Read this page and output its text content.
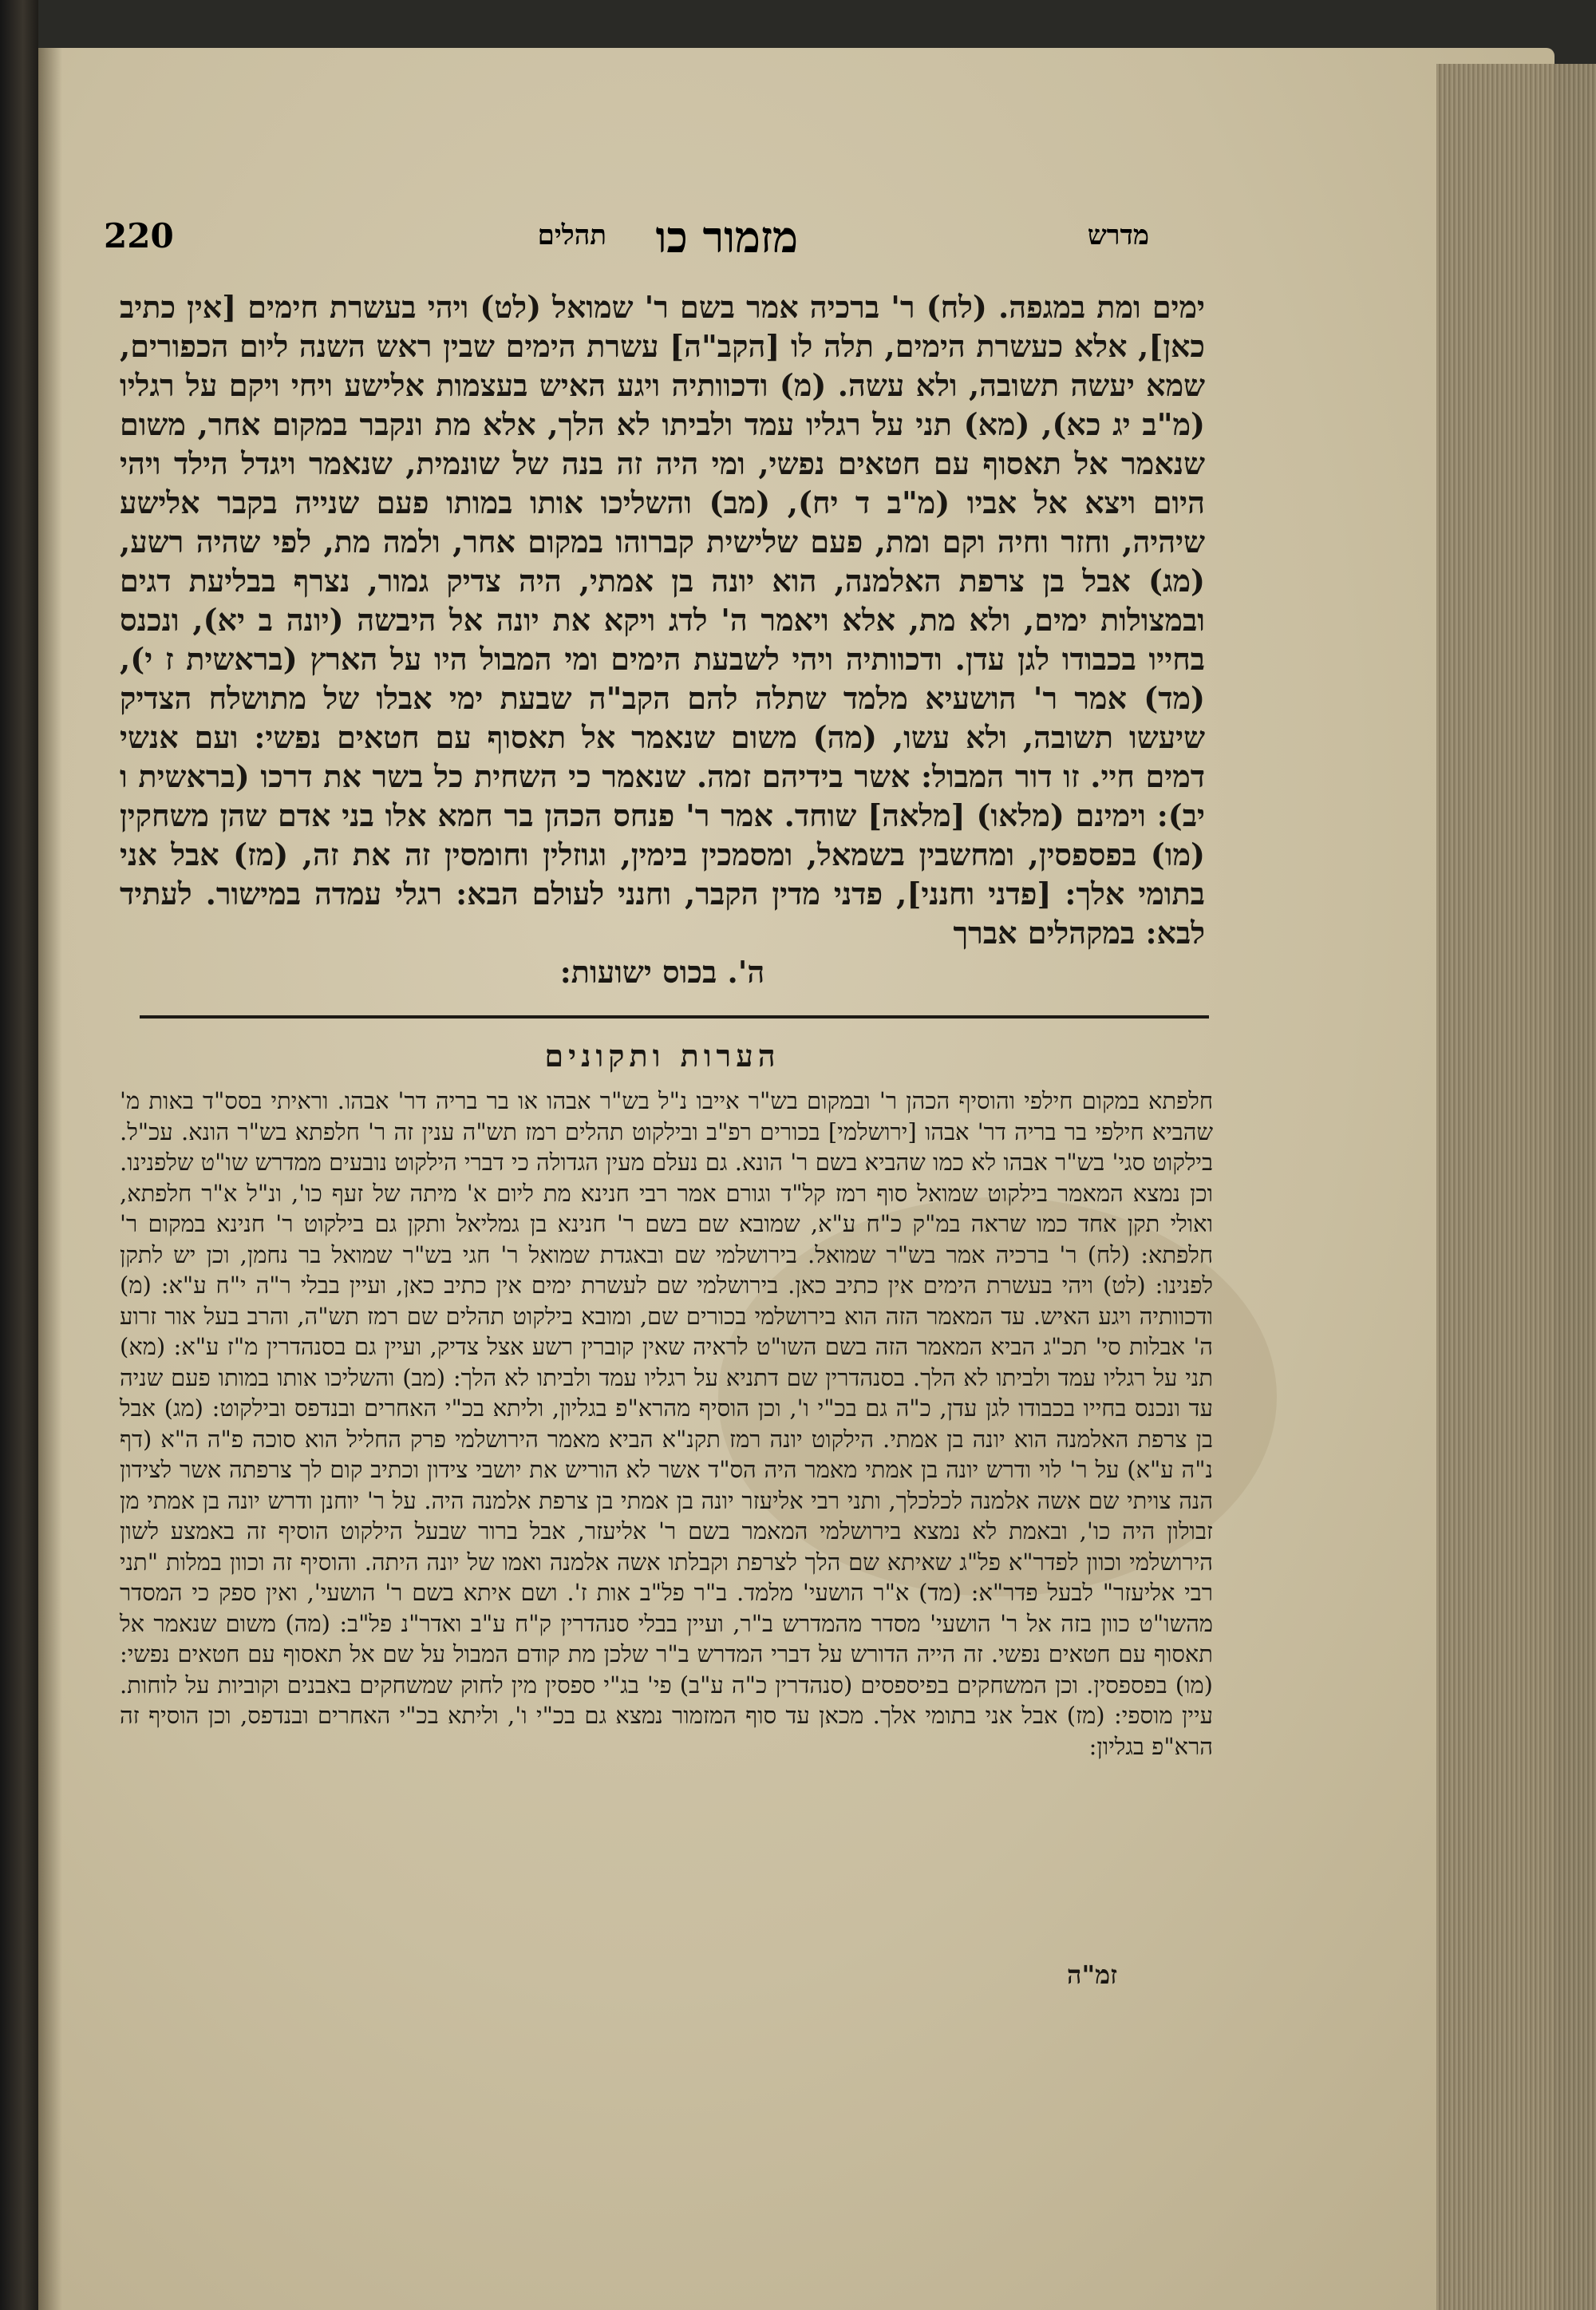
מדרש
מזמור כו
תהלים
220
ימים ומת במגפה. (לח) ר' ברכיה אמר בשם ר' שמואל (לט) ויהי בעשרת חימים [אין כתיב כאן], אלא כעשרת הימים, תלה לו [הקב"ה] עשרת הימים שבין ראש השנה ליום הכפורים, שמא יעשה תשובה, ולא עשה. (מ) ודכוותיה ויגע האיש בעצמות אלישע ויחי ויקם על רגליו (מ"ב יג כא), (מא) תני על רגליו עמד ולביתו לא הלך, אלא מת ונקבר במקום אחר, משום שנאמר אל תאסוף עם חטאים נפשי, ומי היה זה בנה של שונמית, שנאמר ויגדל הילד ויהי היום ויצא אל אביו (מ"ב ד יח), (מב) והשליכו אותו במותו פעם שנייה בקבר אלישע שיהיה, וחזר וחיה וקם ומת, פעם שלישית קברוהו במקום אחר, ולמה מת, לפי שהיה רשע, (מג) אבל בן צרפת האלמנה, הוא יונה בן אמתי, היה צדיק גמור, נצרף בבליעת דגים ובמצולות ימים, ולא מת, אלא ויאמר ה' לדג ויקא את יונה אל היבשה (יונה ב יא), ונכנס בחייו בכבודו לגן עדן. ודכוותיה ויהי לשבעת הימים ומי המבול היו על הארץ (בראשית ז י), (מד) אמר ר' הושעיא מלמד שתלה להם הקב"ה שבעת ימי אבלו של מתושלח הצדיק שיעשו תשובה, ולא עשו, (מה) משום שנאמר אל תאסוף עם חטאים נפשי: ועם אנשי דמים חיי. זו דור המבול: אשר בידיהם זמה. שנאמר כי השחית כל בשר את דרכו (בראשית ו יב): וימינם (מלאו) [מלאה] שוחד. אמר ר' פנחס הכהן בר חמא אלו בני אדם שהן משחקין (מו) בפספסין, ומחשבין בשמאל, ומסמכין בימין, וגוזלין וחומסין זה את זה, (מז) אבל אני בתומי אלך: [פדני וחנני], פדני מדין הקבר, וחנני לעולם הבא: רגלי עמדה במישור. לעתיד לבא: במקהלים אברך
ה'. בכוס ישועות:
הערות ותקונים
חלפתא במקום חילפי והוסיף הכהן ר' ובמקום בש"ר אייבו נ"ל בש"ר אבהו או בר בריה דר' אבהו. וראיתי בסס"ד באות מ' שהביא חילפי בר בריה דר' אבהו [ירושלמי] בכורים רפ"ב ובילקוט תהלים רמז תש"ה ענין זה ר' חלפתא בש"ר הונא. עכ"ל. בילקוט סגי' בש"ר אבהו לא כמו שהביא בשם ר' הונא. גם נעלם מעין הגדולה כי דברי הילקוט נובעים ממדרש שו"ט שלפנינו. וכן נמצא המאמר בילקוט שמואל סוף רמז קל"ד וגורם אמר רבי חנינא מת ליום א' מיתה של זעף כו', ונ"ל א"ר חלפתא, ואולי תקן אחד כמו שראה במ"ק כ"ח ע"א, שמובא שם בשם ר' חנינא בן גמליאל ותקן גם בילקוט ר' חנינא במקום ר' חלפתא: (לח) ר' ברכיה אמר בש"ר שמואל. בירושלמי שם ובאגדת שמואל ר' חגי בש"ר שמואל בר נחמן, וכן יש לתקן לפנינו: (לט) ויהי בעשרת הימים אין כתיב כאן. בירושלמי שם לעשרת ימים אין כתיב כאן, ועיין בבלי ר"ה י"ח ע"א: (מ) ודכוותיה ויגע האיש. עד המאמר הזה הוא בירושלמי בכורים שם, ומובא בילקוט תהלים שם רמז תש"ה, והרב בעל אור זרוע ה' אבלות סי' תכ"ג הביא המאמר הזה בשם השו"ט לראיה שאין קוברין רשע אצל צדיק, ועיין גם בסנהדרין מ"ז ע"א: (מא) תני על רגליו עמד ולביתו לא הלך. בסנהדרין שם דתניא על רגליו עמד ולביתו לא הלך: (מב) והשליכו אותו במותו פעם שניה עד ונכנס בחייו בכבודו לגן עדן, כ"ה גם בכ"י ו', וכן הוסיף מהרא"פ בגליון, וליתא בכ"י האחרים ובנדפס ובילקוט: (מג) אבל בן צרפת האלמנה הוא יונה בן אמתי. הילקוט יונה רמז תקנ"א הביא מאמר הירושלמי פרק החליל הוא סוכה פ"ה ה"א (דף נ"ה ע"א) על ר' לוי ודרש יונה בן אמתי מאמר היה הס"ד אשר לא הוריש את יושבי צידון וכתיב קום לך צרפתה אשר לצידון הנה צויתי שם אשה אלמנה לכלכלך, ותני רבי אליעזר יונה בן אמתי בן צרפת אלמנה היה. על ר' יוחנן ודרש יונה בן אמתי מן זבולון היה כו', ובאמת לא נמצא בירושלמי המאמר בשם ר' אליעזר, אבל ברור שבעל הילקוט הוסיף זה באמצע לשון הירושלמי וכוון לפדר"א פל"ג שאיתא שם הלך לצרפת וקבלתו אשה אלמנה ואמו של יונה היתה. והוסיף זה וכוון במלות "תני רבי אליעזר" לבעל פדר"א: (מד) א"ר הושעי' מלמד. ב"ר פל"ב אות ז'. ושם איתא בשם ר' הושעי', ואין ספק כי המסדר מהשו"ט כוון בזה אל ר' הושעי' מסדר מהמדרש ב"ר, ועיין בבלי סנהדרין ק"ח ע"ב ואדר"נ פל"ב: (מה) משום שנאמר אל תאסוף עם חטאים נפשי. זה הייה הדורש על דברי המדרש ב"ר שלכן מת קודם המבול על שם אל תאסוף עם חטאים נפשי: (מו) בפספסין. וכן המשחקים בפיספסים (סנהדרין כ"ה ע"ב) פי' בג"י ספסין מין לחוק שמשחקים באבנים וקוביות על לוחות. עיין מוספי: (מז) אבל אני בתומי אלך. מכאן עד סוף המזמור נמצא גם בכ"י ו', וליתא בכ"י האחרים ובנדפס, וכן הוסיף זה הרא"פ בגליון:
זמ"ה
